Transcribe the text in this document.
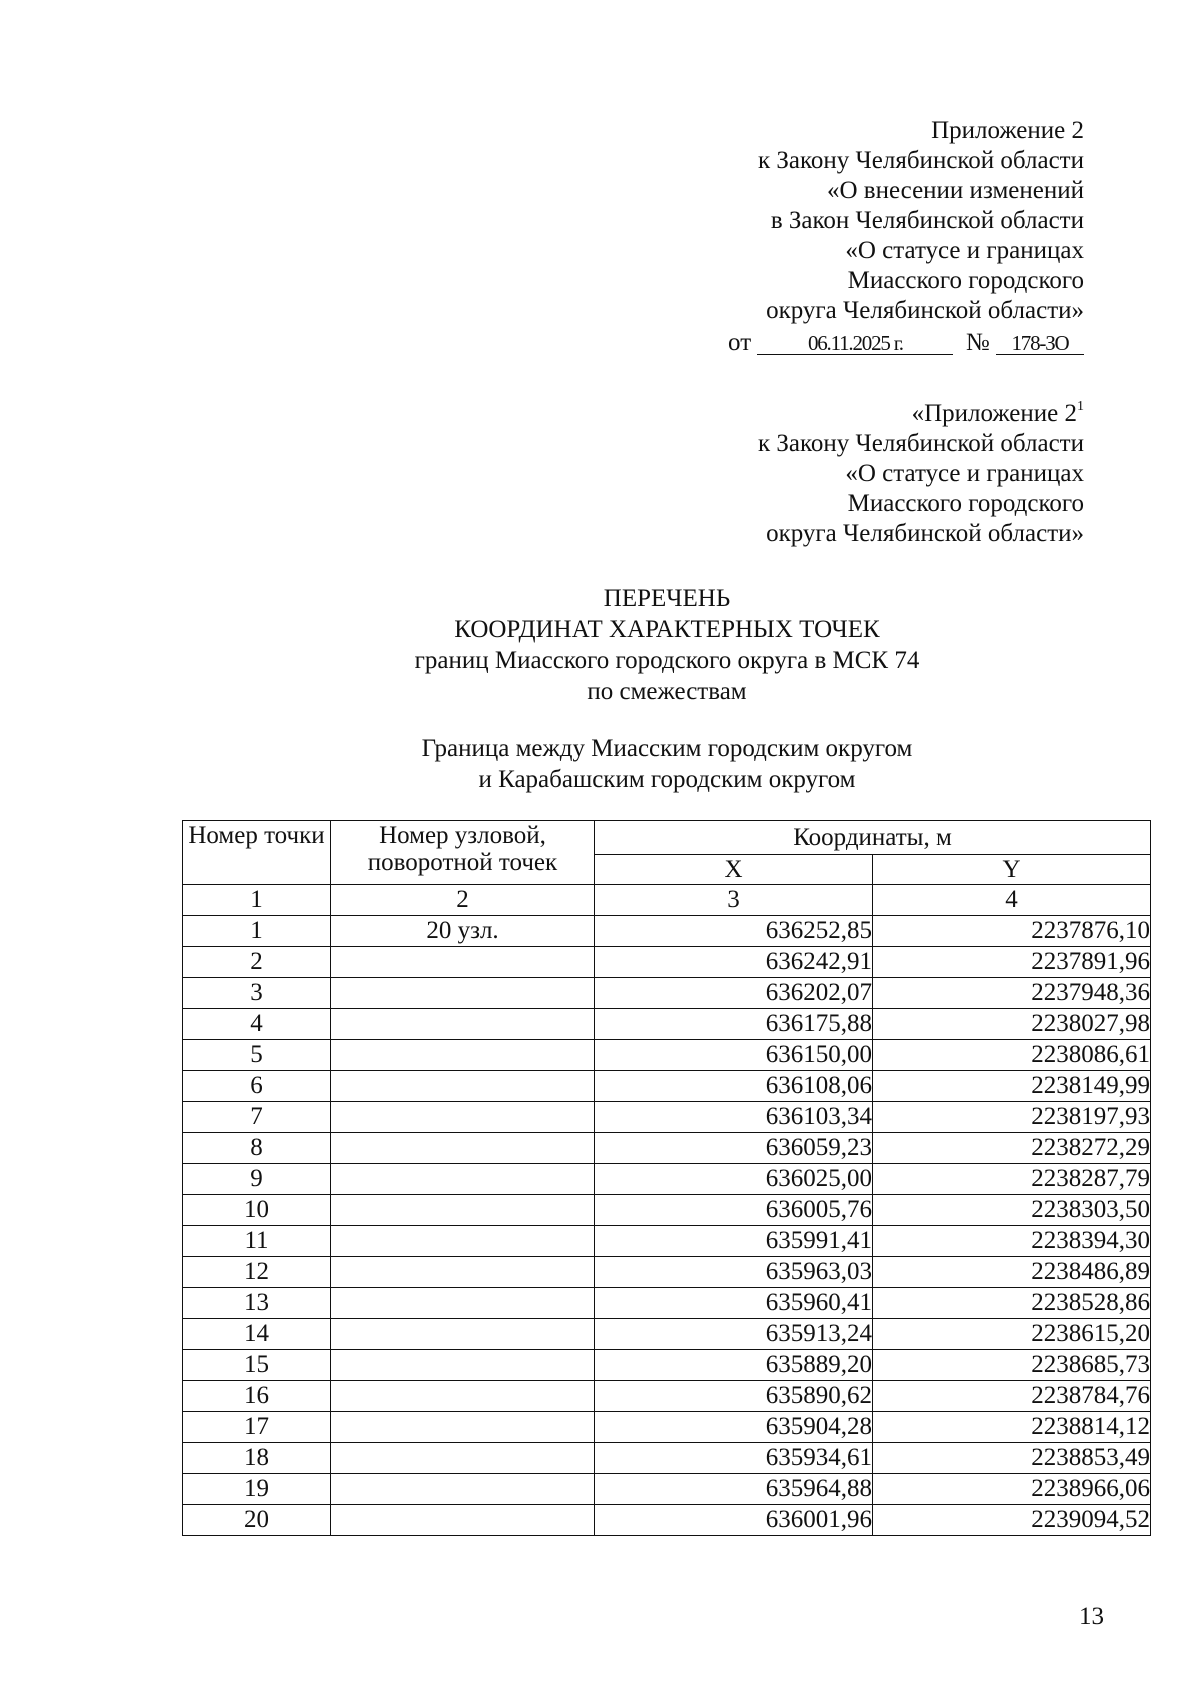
Приложение 2
к Закону Челябинской области
«О внесении изменений
в Закон Челябинской области
«О статусе и границах
Миасского городского
округа Челябинской области»
от	06.11.2025 г.	№ 178-ЗО
«Приложение $2^1$
к Закону Челябинской области
«О статусе и границах
Миасского городского
округа Челябинской области»
ПЕРЕЧЕНЬ
КООРДИНАТ ХАРАКТЕРНЫХ ТОЧЕК
границ Миасского городского округа в МСК 74
по смежествам
Граница между Миасским городским округом
и Карабашским городским округом
Номер точки	Номер узловой, поворотной точек	Координаты, м	
		X	Y
1	2	3	4
1	20 узл.	636252,85	2237876,10
2		636242,91	2237891,96
3		636202,07	2237948,36
4		636175,88	2238027,98
5		636150,00	2238086,61
6		636108,06	2238149,99
7		636103,34	2238197,93
8		636059,23	2238272,29
9		636025,00	2238287,79
10		636005,76	2238303,50
11		635991,41	2238394,30
12		635963,03	2238486,89
13		635960,41	2238528,86
14		635913,24	2238615,20
15		635889,20	2238685,73
16		635890,62	2238784,76
17		635904,28	2238814,12
18		635934,61	2238853,49
19		635964,88	2238966,06
20		636001,96	2239094,52
13
